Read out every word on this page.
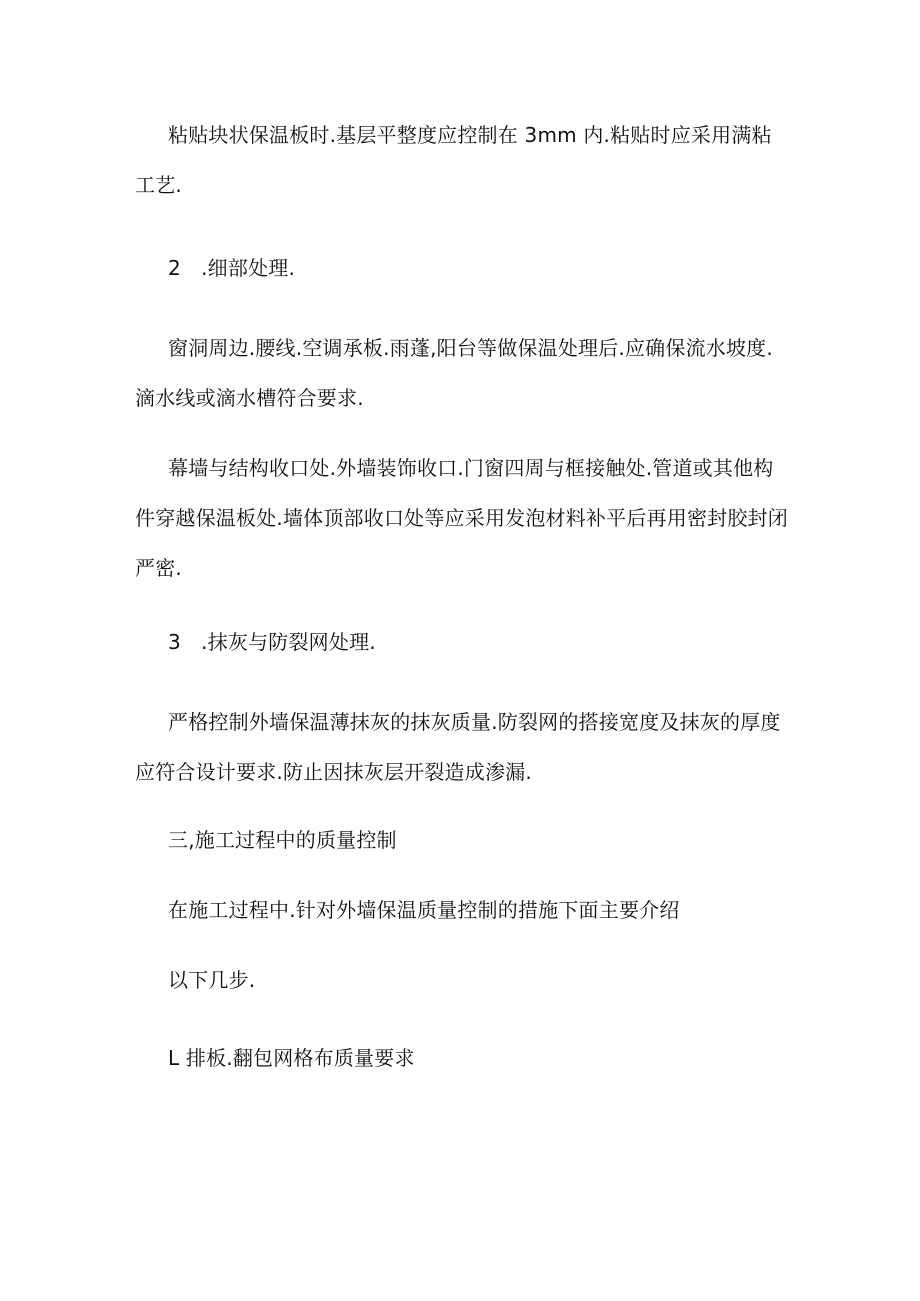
粘贴块状保温板时.基层平整度应控制在 3mm 内.粘贴时应采用满粘工艺.

2　.细部处理.

窗洞周边.腰线.空调承板.雨蓬,阳台等做保温处理后.应确保流水坡度.滴水线或滴水槽符合要求.

幕墙与结构收口处.外墙装饰收口.门窗四周与框接触处.管道或其他构件穿越保温板处.墙体顶部收口处等应采用发泡材料补平后再用密封胶封闭严密.

3　.抹灰与防裂网处理.

严格控制外墙保温薄抹灰的抹灰质量.防裂网的搭接宽度及抹灰的厚度应符合设计要求.防止因抹灰层开裂造成渗漏.

三,施工过程中的质量控制

在施工过程中.针对外墙保温质量控制的措施下面主要介绍

以下几步.

L 排板.翻包网格布质量要求
